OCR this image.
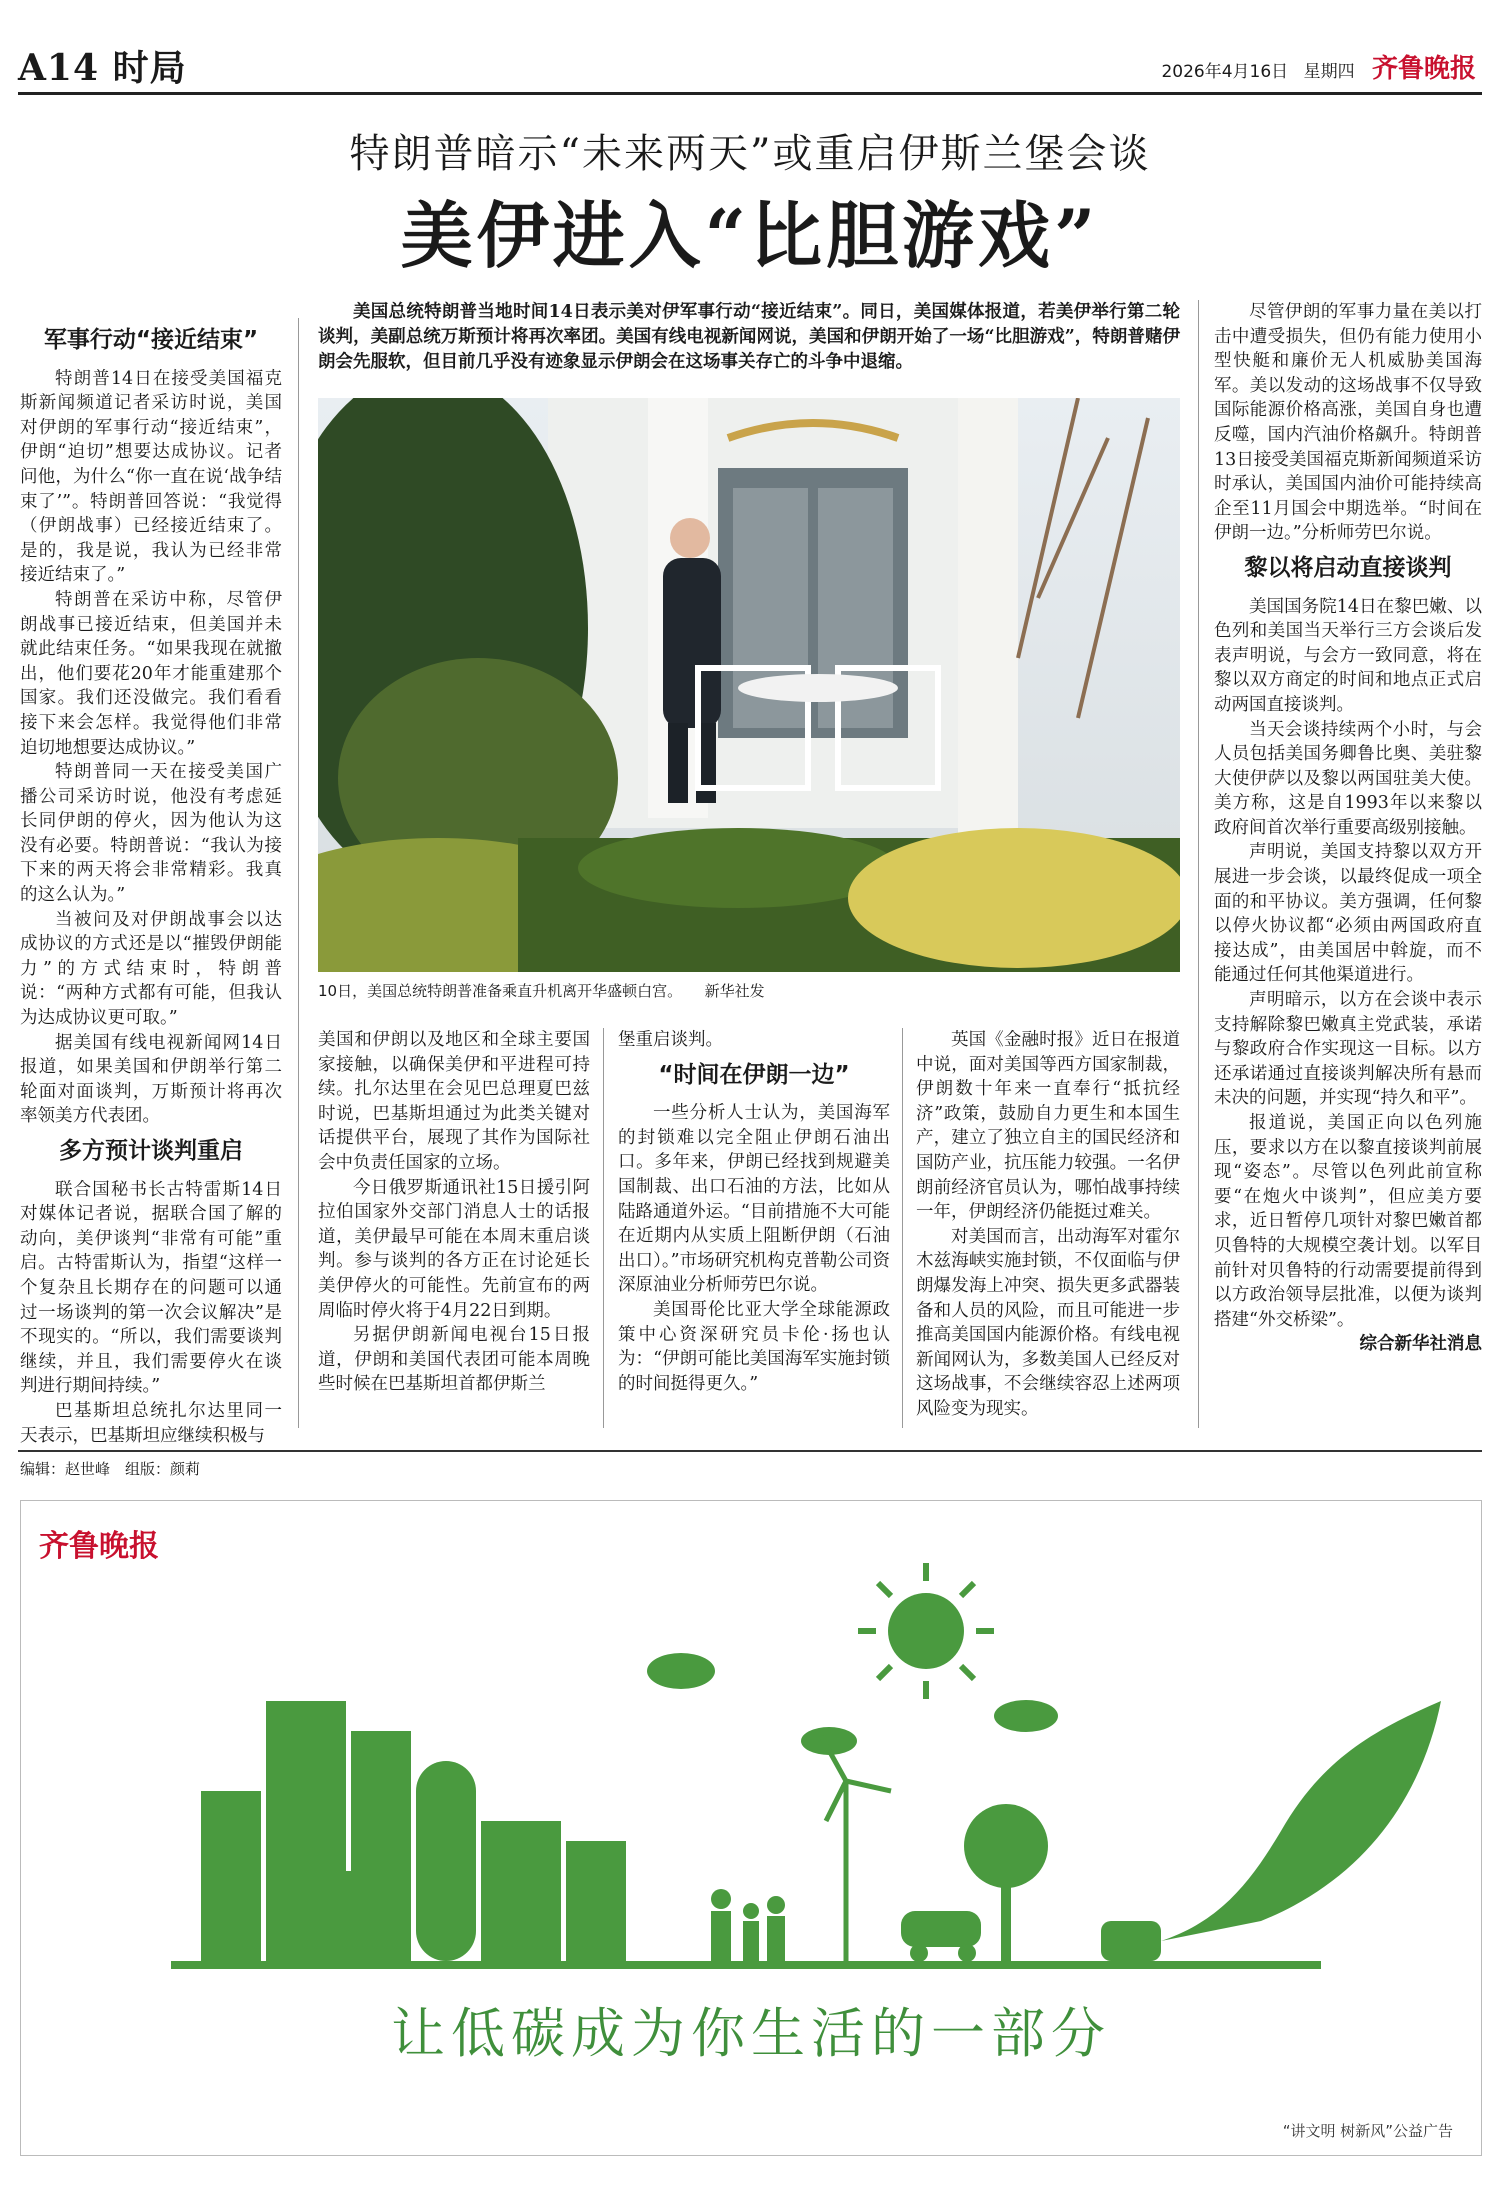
A14 时局	2026年4月16日 星期四 齐鲁晚报
特朗普暗示“未来两天”或重启伊斯兰堡会谈
美伊进入“比胆游戏”

美国总统特朗普当地时间14日表示美对伊军事行动“接近结束”。同日，美国媒体报道，若美伊举行第二轮谈判，美副总统万斯预计将再次率团。美国有线电视新闻网说，美国和伊朗开始了一场“比胆游戏”，特朗普赌伊朗会先服软，但目前几乎没有迹象显示伊朗会在这场事关存亡的斗争中退缩。

10日，美国总统特朗普准备乘直升机离开华盛顿白宫。　　新华社发
军事行动“接近结束”

特朗普14日在接受美国福克斯新闻频道记者采访时说，美国对伊朗的军事行动“接近结束”，伊朗“迫切”想要达成协议。记者问他，为什么“你一直在说‘战争结束了’”。特朗普回答说：“我觉得（伊朗战事）已经接近结束了。是的，我是说，我认为已经非常接近结束了。”

特朗普在采访中称，尽管伊朗战事已接近结束，但美国并未就此结束任务。“如果我现在就撤出，他们要花20年才能重建那个国家。我们还没做完。我们看看接下来会怎样。我觉得他们非常迫切地想要达成协议。”

特朗普同一天在接受美国广播公司采访时说，他没有考虑延长同伊朗的停火，因为他认为这没有必要。特朗普说：“我认为接下来的两天将会非常精彩。我真的这么认为。”

当被问及对伊朗战事会以达成协议的方式还是以“摧毁伊朗能力”的方式结束时，特朗普说：“两种方式都有可能，但我认为达成协议更可取。”

据美国有线电视新闻网14日报道，如果美国和伊朗举行第二轮面对面谈判，万斯预计将再次率领美方代表团。

多方预计谈判重启

联合国秘书长古特雷斯14日对媒体记者说，据联合国了解的动向，美伊谈判“非常有可能”重启。古特雷斯认为，指望“这样一个复杂且长期存在的问题可以通过一场谈判的第一次会议解决”是不现实的。“所以，我们需要谈判继续，并且，我们需要停火在谈判进行期间持续。”

巴基斯坦总统扎尔达里同一天表示，巴基斯坦应继续积极与

美国和伊朗以及地区和全球主要国家接触，以确保美伊和平进程可持续。扎尔达里在会见巴总理夏巴兹时说，巴基斯坦通过为此类关键对话提供平台，展现了其作为国际社会中负责任国家的立场。

今日俄罗斯通讯社15日援引阿拉伯国家外交部门消息人士的话报道，美伊最早可能在本周末重启谈判。参与谈判的各方正在讨论延长美伊停火的可能性。先前宣布的两周临时停火将于4月22日到期。

另据伊朗新闻电视台15日报道，伊朗和美国代表团可能本周晚些时候在巴基斯坦首都伊斯兰

堡重启谈判。

“时间在伊朗一边”

一些分析人士认为，美国海军的封锁难以完全阻止伊朗石油出口。多年来，伊朗已经找到规避美国制裁、出口石油的方法，比如从陆路通道外运。“目前措施不大可能在近期内从实质上阻断伊朗（石油出口）。”市场研究机构克普勒公司资深原油业分析师劳巴尔说。

美国哥伦比亚大学全球能源政策中心资深研究员卡伦·扬也认为：“伊朗可能比美国海军实施封锁的时间挺得更久。”

英国《金融时报》近日在报道中说，面对美国等西方国家制裁，伊朗数十年来一直奉行“抵抗经济”政策，鼓励自力更生和本国生产，建立了独立自主的国民经济和国防产业，抗压能力较强。一名伊朗前经济官员认为，哪怕战事持续一年，伊朗经济仍能挺过难关。

对美国而言，出动海军对霍尔木兹海峡实施封锁，不仅面临与伊朗爆发海上冲突、损失更多武器装备和人员的风险，而且可能进一步推高美国国内能源价格。有线电视新闻网认为，多数美国人已经反对这场战事，不会继续容忍上述两项风险变为现实。

尽管伊朗的军事力量在美以打击中遭受损失，但仍有能力使用小型快艇和廉价无人机威胁美国海军。美以发动的这场战事不仅导致国际能源价格高涨，美国自身也遭反噬，国内汽油价格飙升。特朗普13日接受美国福克斯新闻频道采访时承认，美国国内油价可能持续高企至11月国会中期选举。“时间在伊朗一边。”分析师劳巴尔说。

黎以将启动直接谈判

美国国务院14日在黎巴嫩、以色列和美国当天举行三方会谈后发表声明说，与会方一致同意，将在黎以双方商定的时间和地点正式启动两国直接谈判。

当天会谈持续两个小时，与会人员包括美国务卿鲁比奥、美驻黎大使伊萨以及黎以两国驻美大使。美方称，这是自1993年以来黎以政府间首次举行重要高级别接触。

声明说，美国支持黎以双方开展进一步会谈，以最终促成一项全面的和平协议。美方强调，任何黎以停火协议都“必须由两国政府直接达成”，由美国居中斡旋，而不能通过任何其他渠道进行。

声明暗示，以方在会谈中表示支持解除黎巴嫩真主党武装，承诺与黎政府合作实现这一目标。以方还承诺通过直接谈判解决所有悬而未决的问题，并实现“持久和平”。

报道说，美国正向以色列施压，要求以方在以黎直接谈判前展现“姿态”。尽管以色列此前宣称要“在炮火中谈判”，但应美方要求，近日暂停几项针对黎巴嫩首都贝鲁特的大规模空袭计划。以军目前针对贝鲁特的行动需要提前得到以方政治领导层批准，以便为谈判搭建“外交桥梁”。

综合新华社消息

编辑：赵世峰　组版：颜莉
齐鲁晚报
让低碳成为你生活的一部分
“讲文明 树新风”公益广告
